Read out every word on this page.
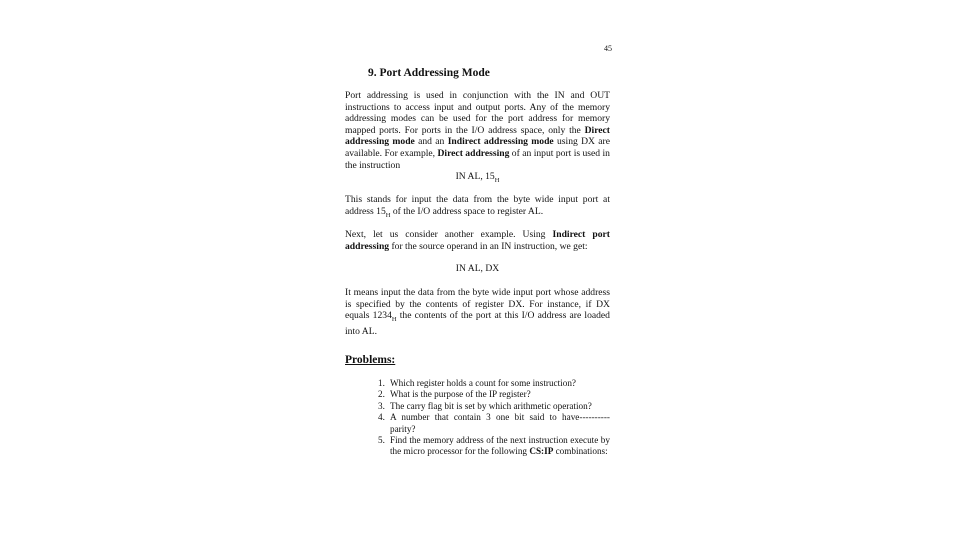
45
9. Port Addressing Mode

Port addressing is used in conjunction with the IN and OUT instructions to access input and output ports. Any of the memory addressing modes can be used for the port address for memory mapped ports. For ports in the I/O address space, only the Direct addressing mode and an Indirect addressing mode using DX are available. For example, Direct addressing of an input port is used in the instruction

IN AL, $15_H$

This stands for input the data from the byte wide input port at address $15_H$ of the I/O address space to register AL.

Next, let us consider another example. Using Indirect port addressing for the source operand in an IN instruction, we get:

IN AL, DX

It means input the data from the byte wide input port whose address is specified by the contents of register DX. For instance, if DX equals $1234_H$ the contents of the port at this I/O address are loaded into AL.

Problems:
1. Which register holds a count for some instruction?
2. What is the purpose of the IP register?
3. The carry flag bit is set by which arithmetic operation?
4. A number that contain 3 one bit said to have---------- parity?
5. Find the memory address of the next instruction execute by the micro processor for the following CS:IP combinations:
